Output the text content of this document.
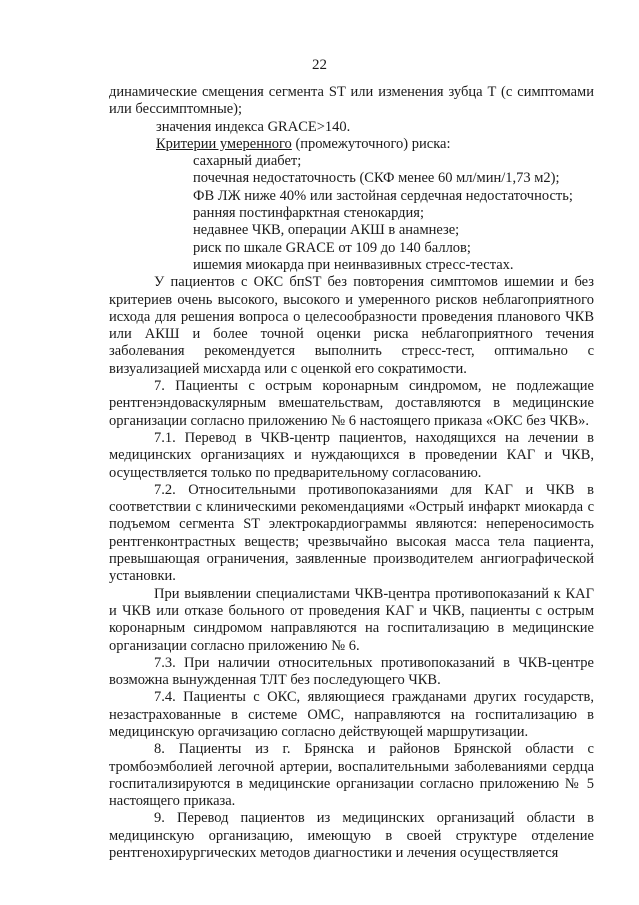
22

динамические смещения сегмента ST или изменения зубца T (с симптомами или бессимптомные);

значения индекса GRACE>140.

Критерии умеренного (промежуточного) риска:

сахарный диабет;

почечная недостаточность (СКФ менее 60 мл/мин/1,73 м2);

ФВ ЛЖ ниже 40% или застойная сердечная недостаточность;

ранняя постинфарктная стенокардия;

недавнее ЧКВ, операции АКШ в анамнезе;

риск по шкале GRACE от 109 до 140 баллов;

ишемия миокарда при неинвазивных стресс-тестах.

У пациентов с ОКС бпST без повторения симптомов ишемии и без критериев очень высокого, высокого и умеренного рисков неблагоприятного исхода для решения вопроса о целесообразности проведения планового ЧКВ или АКШ и более точной оценки риска неблагоприятного течения заболевания рекомендуется выполнить стресс-тест, оптимально с визуализацией мисхарда или с оценкой его сократимости.

7. Пациенты с острым коронарным синдромом, не подлежащие рентгенэндоваскулярным вмешательствам, доставляются в медицинские организации согласно приложению № 6 настоящего приказа «ОКС без ЧКВ».

7.1. Перевод в ЧКВ-центр пациентов, находящихся на лечении в медицинских организациях и нуждающихся в проведении КАГ и ЧКВ, осуществляется только по предварительному согласованию.

7.2. Относительными противопоказаниями для КАГ и ЧКВ в соответствии с клиническими рекомендациями «Острый инфаркт миокарда с подъемом сегмента ST электрокардиограммы являются: непереносимость рентгенконтрастных веществ; чрезвычайно высокая масса тела пациента, превышающая ограничения, заявленные производителем ангиографической установки.

При выявлении специалистами ЧКВ-центра противопоказаний к КАГ и ЧКВ или отказе больного от проведения КАГ и ЧКВ, пациенты с острым коронарным синдромом направляются на госпитализацию в медицинские организации согласно приложению № 6.

7.3. При наличии относительных противопоказаний в ЧКВ-центре возможна вынужденная ТЛТ без последующего ЧКВ.

7.4. Пациенты с ОКС, являющиеся гражданами других государств, незастрахованные в системе ОМС, направляются на госпитализацию в медицинскую оргачизацию согласно действующей маршрутизации.

8. Пациенты из г. Брянска и районов Брянской области с тромбоэмболией легочной артерии, воспалительными заболеваниями сердца госпитализируются в медицинские организации согласно приложению № 5 настоящего приказа.

9. Перевод пациентов из медицинских организаций области в медицинскую организацию, имеющую в своей структуре отделение рентгенохирургических методов диагностики и лечения осуществляется
